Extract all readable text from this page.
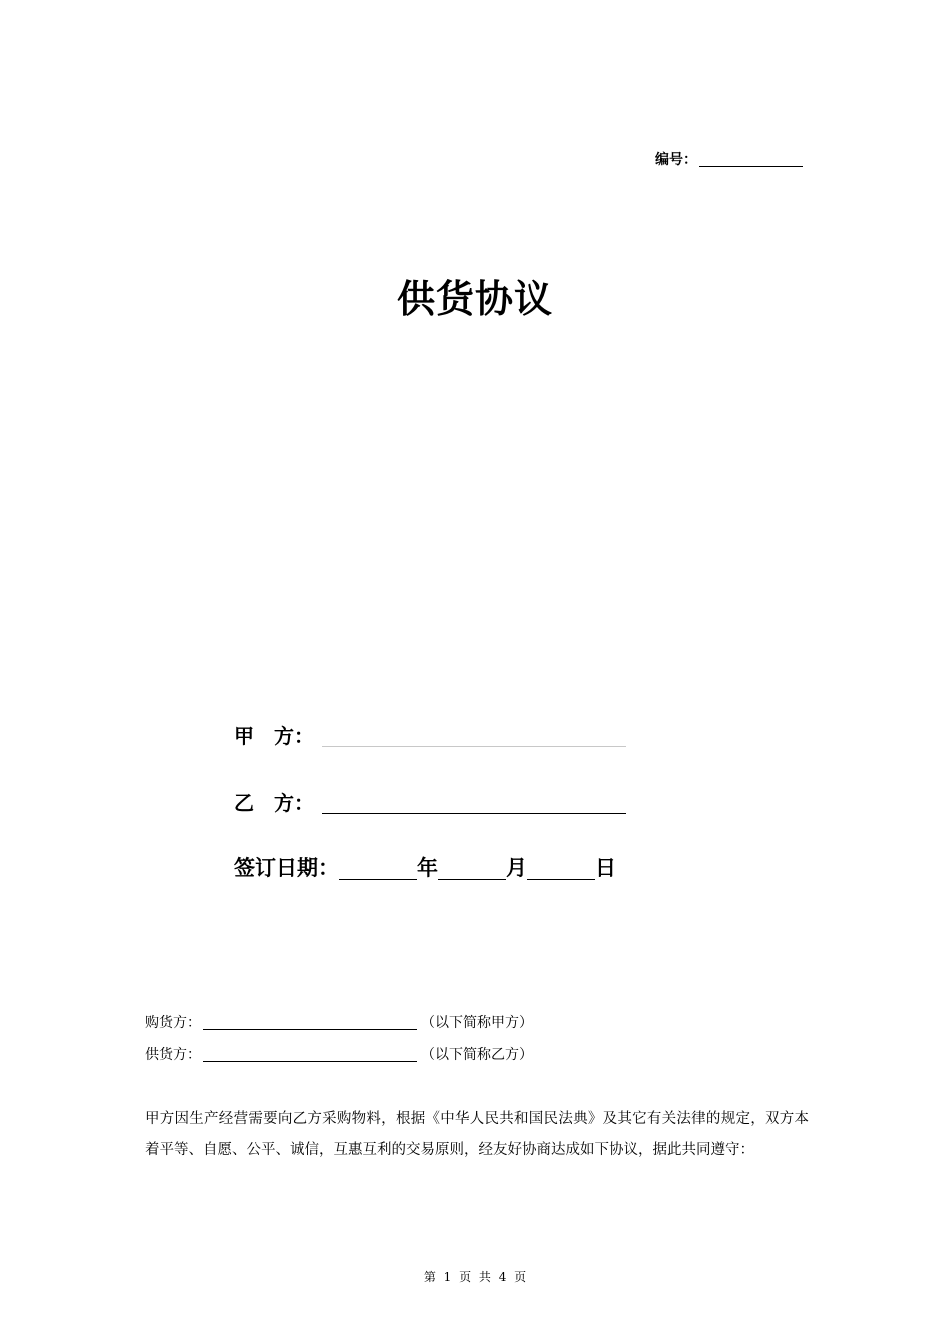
编号：
供货协议
甲　方：
乙　方：
签订日期：	年	月	日
购货方：	（以下简称甲方）
供货方：	（以下简称乙方）
甲方因生产经营需要向乙方采购物料，根据《中华人民共和国民法典》及其它有关法律的规定，双方本着平等、自愿、公平、诚信，互惠互利的交易原则，经友好协商达成如下协议，据此共同遵守：
第 1 页 共 4 页
